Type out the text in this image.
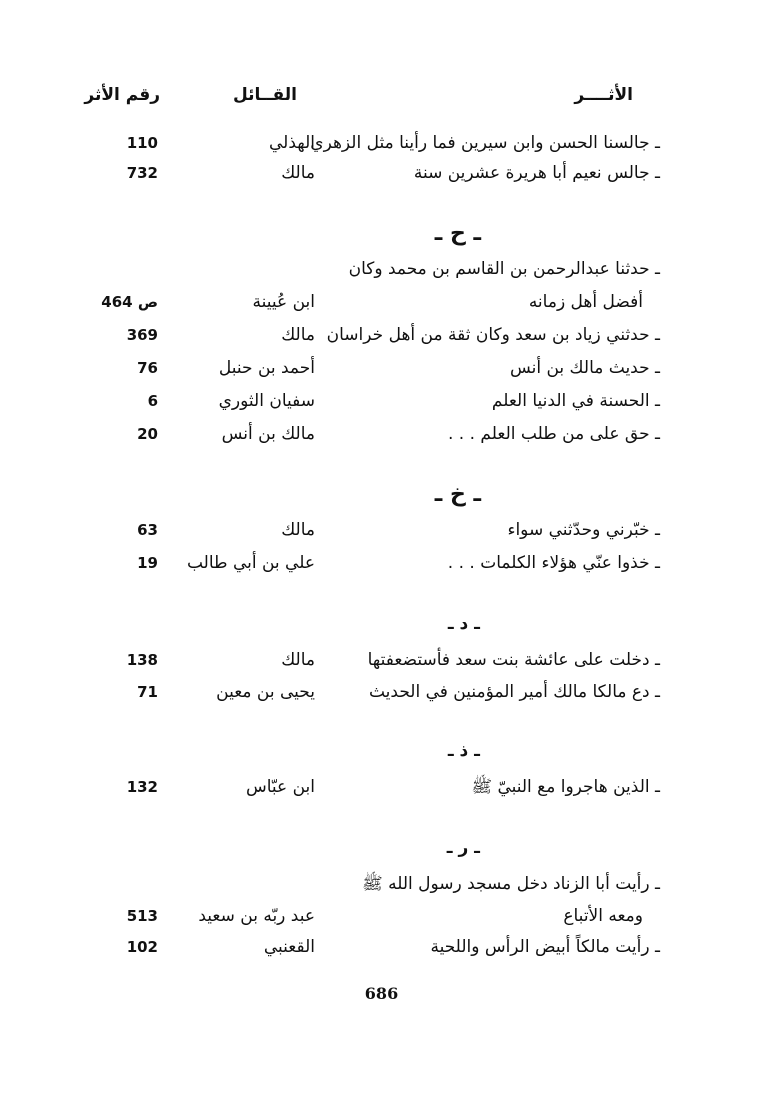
الأثــــر
القــائل
رقم الأثر
ـ جالسنا الحسن وابن سيرين فما رأينا مثل الزهري
الهذلي
110
ـ جالس نعيم أبا هريرة عشرين سنة
مالك
732
ـ ح ـ
ـ حدثنا عبدالرحمن بن القاسم بن محمد وكان
أفضل أهل زمانه
ابن عُيينة
ص 464
ـ حدثني زياد بن سعد وكان ثقة من أهل خراسان
مالك
369
ـ حديث مالك بن أنس
أحمد بن حنبل
76
ـ الحسنة في الدنيا العلم
سفيان الثوري
6
ـ حق على من طلب العلم . . .
مالك بن أنس
20
ـ خ ـ
ـ خبّرني وحدّثني سواء
مالك
63
ـ خذوا عنّي هؤلاء الكلمات . . .
علي بن أبي طالب
19
ـ د ـ
ـ دخلت على عائشة بنت سعد فأستضعفتها
مالك
138
ـ دع مالكا مالك أمير المؤمنين في الحديث
يحيى بن معين
71
ـ ذ ـ
ـ الذين هاجروا مع النبيّ ﷺ
ابن عبّاس
132
ـ ر ـ
ـ رأيت أبا الزناد دخل مسجد رسول الله ﷺ
ومعه الأتباع
عبد ربّه بن سعيد
513
ـ رأيت مالكاً أبيض الرأس واللحية
القعنبي
102
686
